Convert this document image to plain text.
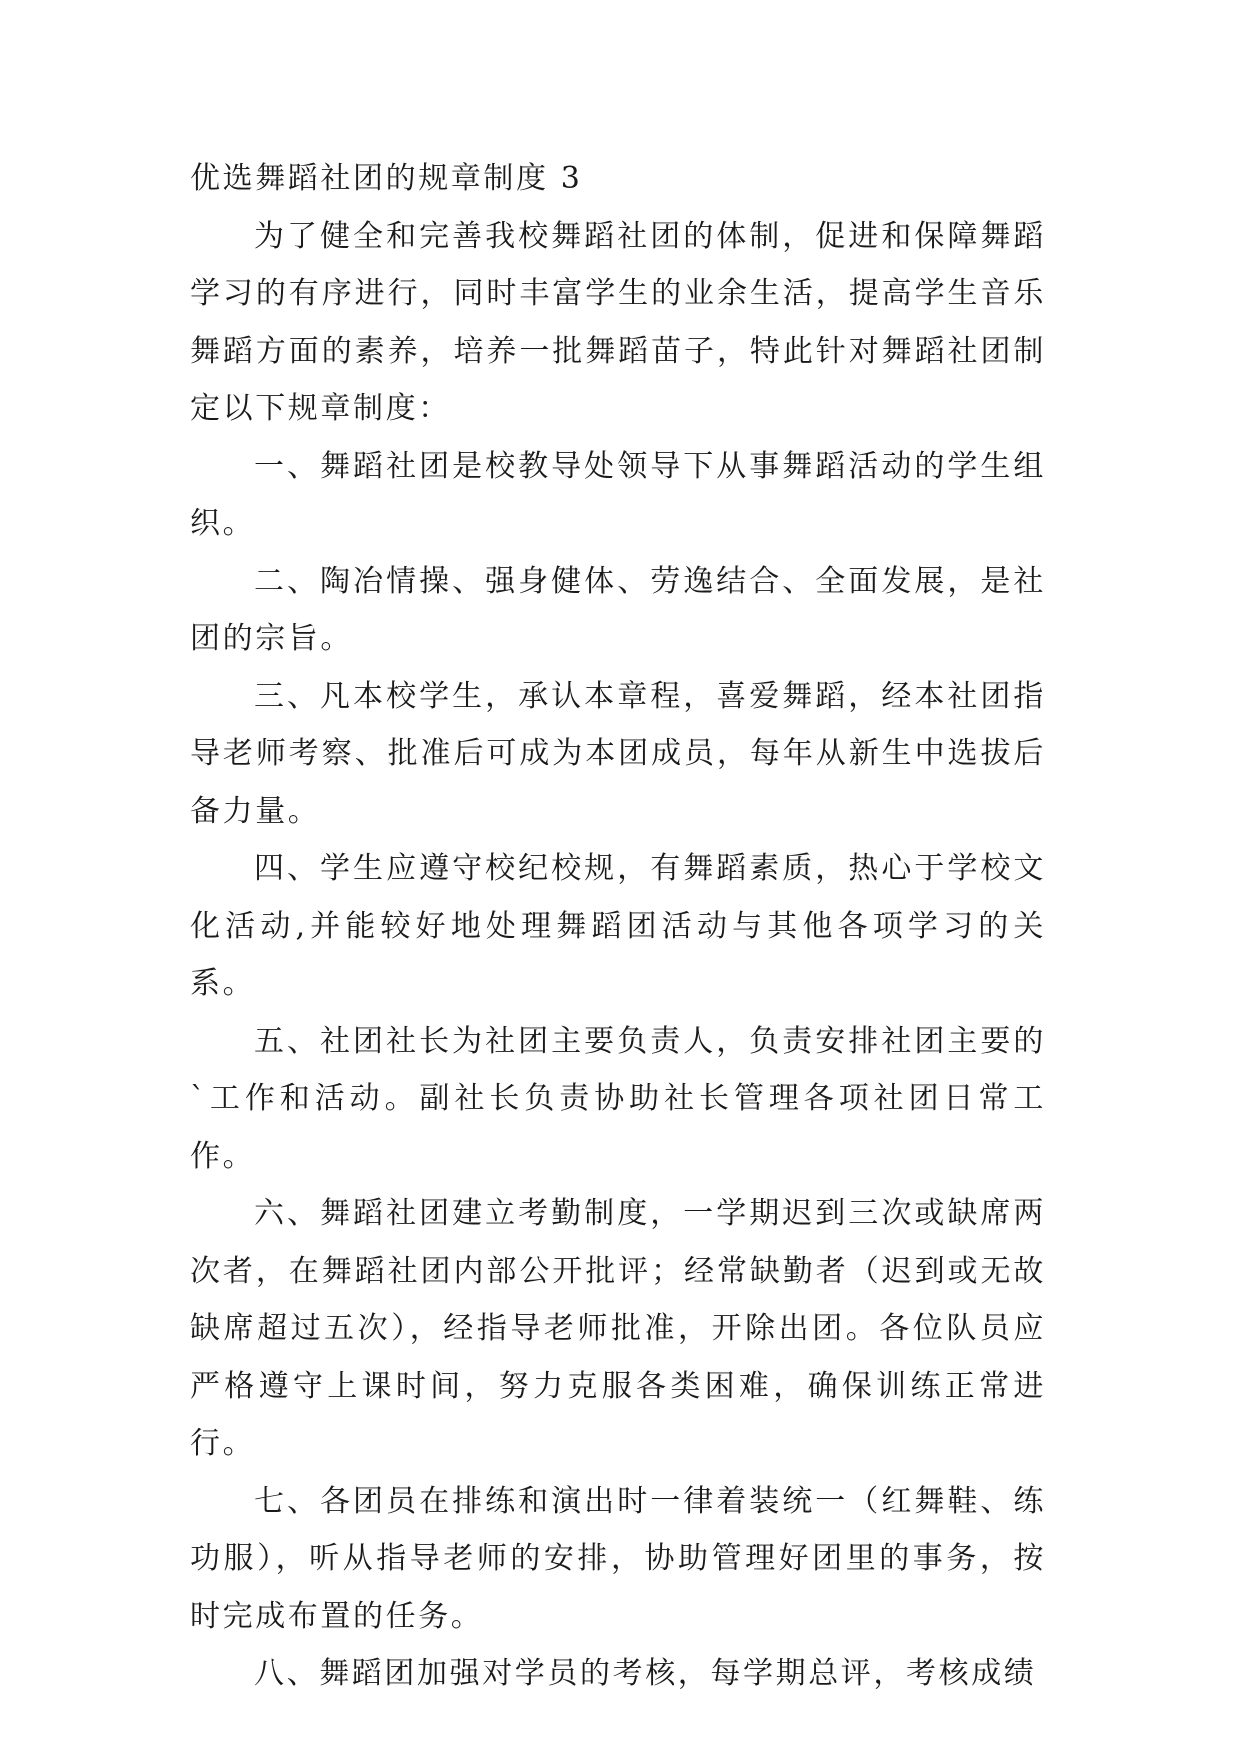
优选舞蹈社团的规章制度 3

为了健全和完善我校舞蹈社团的体制，促进和保障舞蹈学习的有序进行，同时丰富学生的业余生活，提高学生音乐舞蹈方面的素养，培养一批舞蹈苗子，特此针对舞蹈社团制定以下规章制度：

一、舞蹈社团是校教导处领导下从事舞蹈活动的学生组织。

二、陶冶情操、强身健体、劳逸结合、全面发展，是社团的宗旨。

三、凡本校学生，承认本章程，喜爱舞蹈，经本社团指导老师考察、批准后可成为本团成员，每年从新生中选拔后备力量。

四、学生应遵守校纪校规，有舞蹈素质，热心于学校文化活动,并能较好地处理舞蹈团活动与其他各项学习的关系。

五、社团社长为社团主要负责人，负责安排社团主要的`工作和活动。副社长负责协助社长管理各项社团日常工作。

六、舞蹈社团建立考勤制度，一学期迟到三次或缺席两次者，在舞蹈社团内部公开批评；经常缺勤者（迟到或无故缺席超过五次），经指导老师批准，开除出团。各位队员应严格遵守上课时间，努力克服各类困难，确保训练正常进行。

七、各团员在排练和演出时一律着装统一（红舞鞋、练功服），听从指导老师的安排，协助管理好团里的事务，按时完成布置的任务。

八、舞蹈团加强对学员的考核，每学期总评，考核成绩
